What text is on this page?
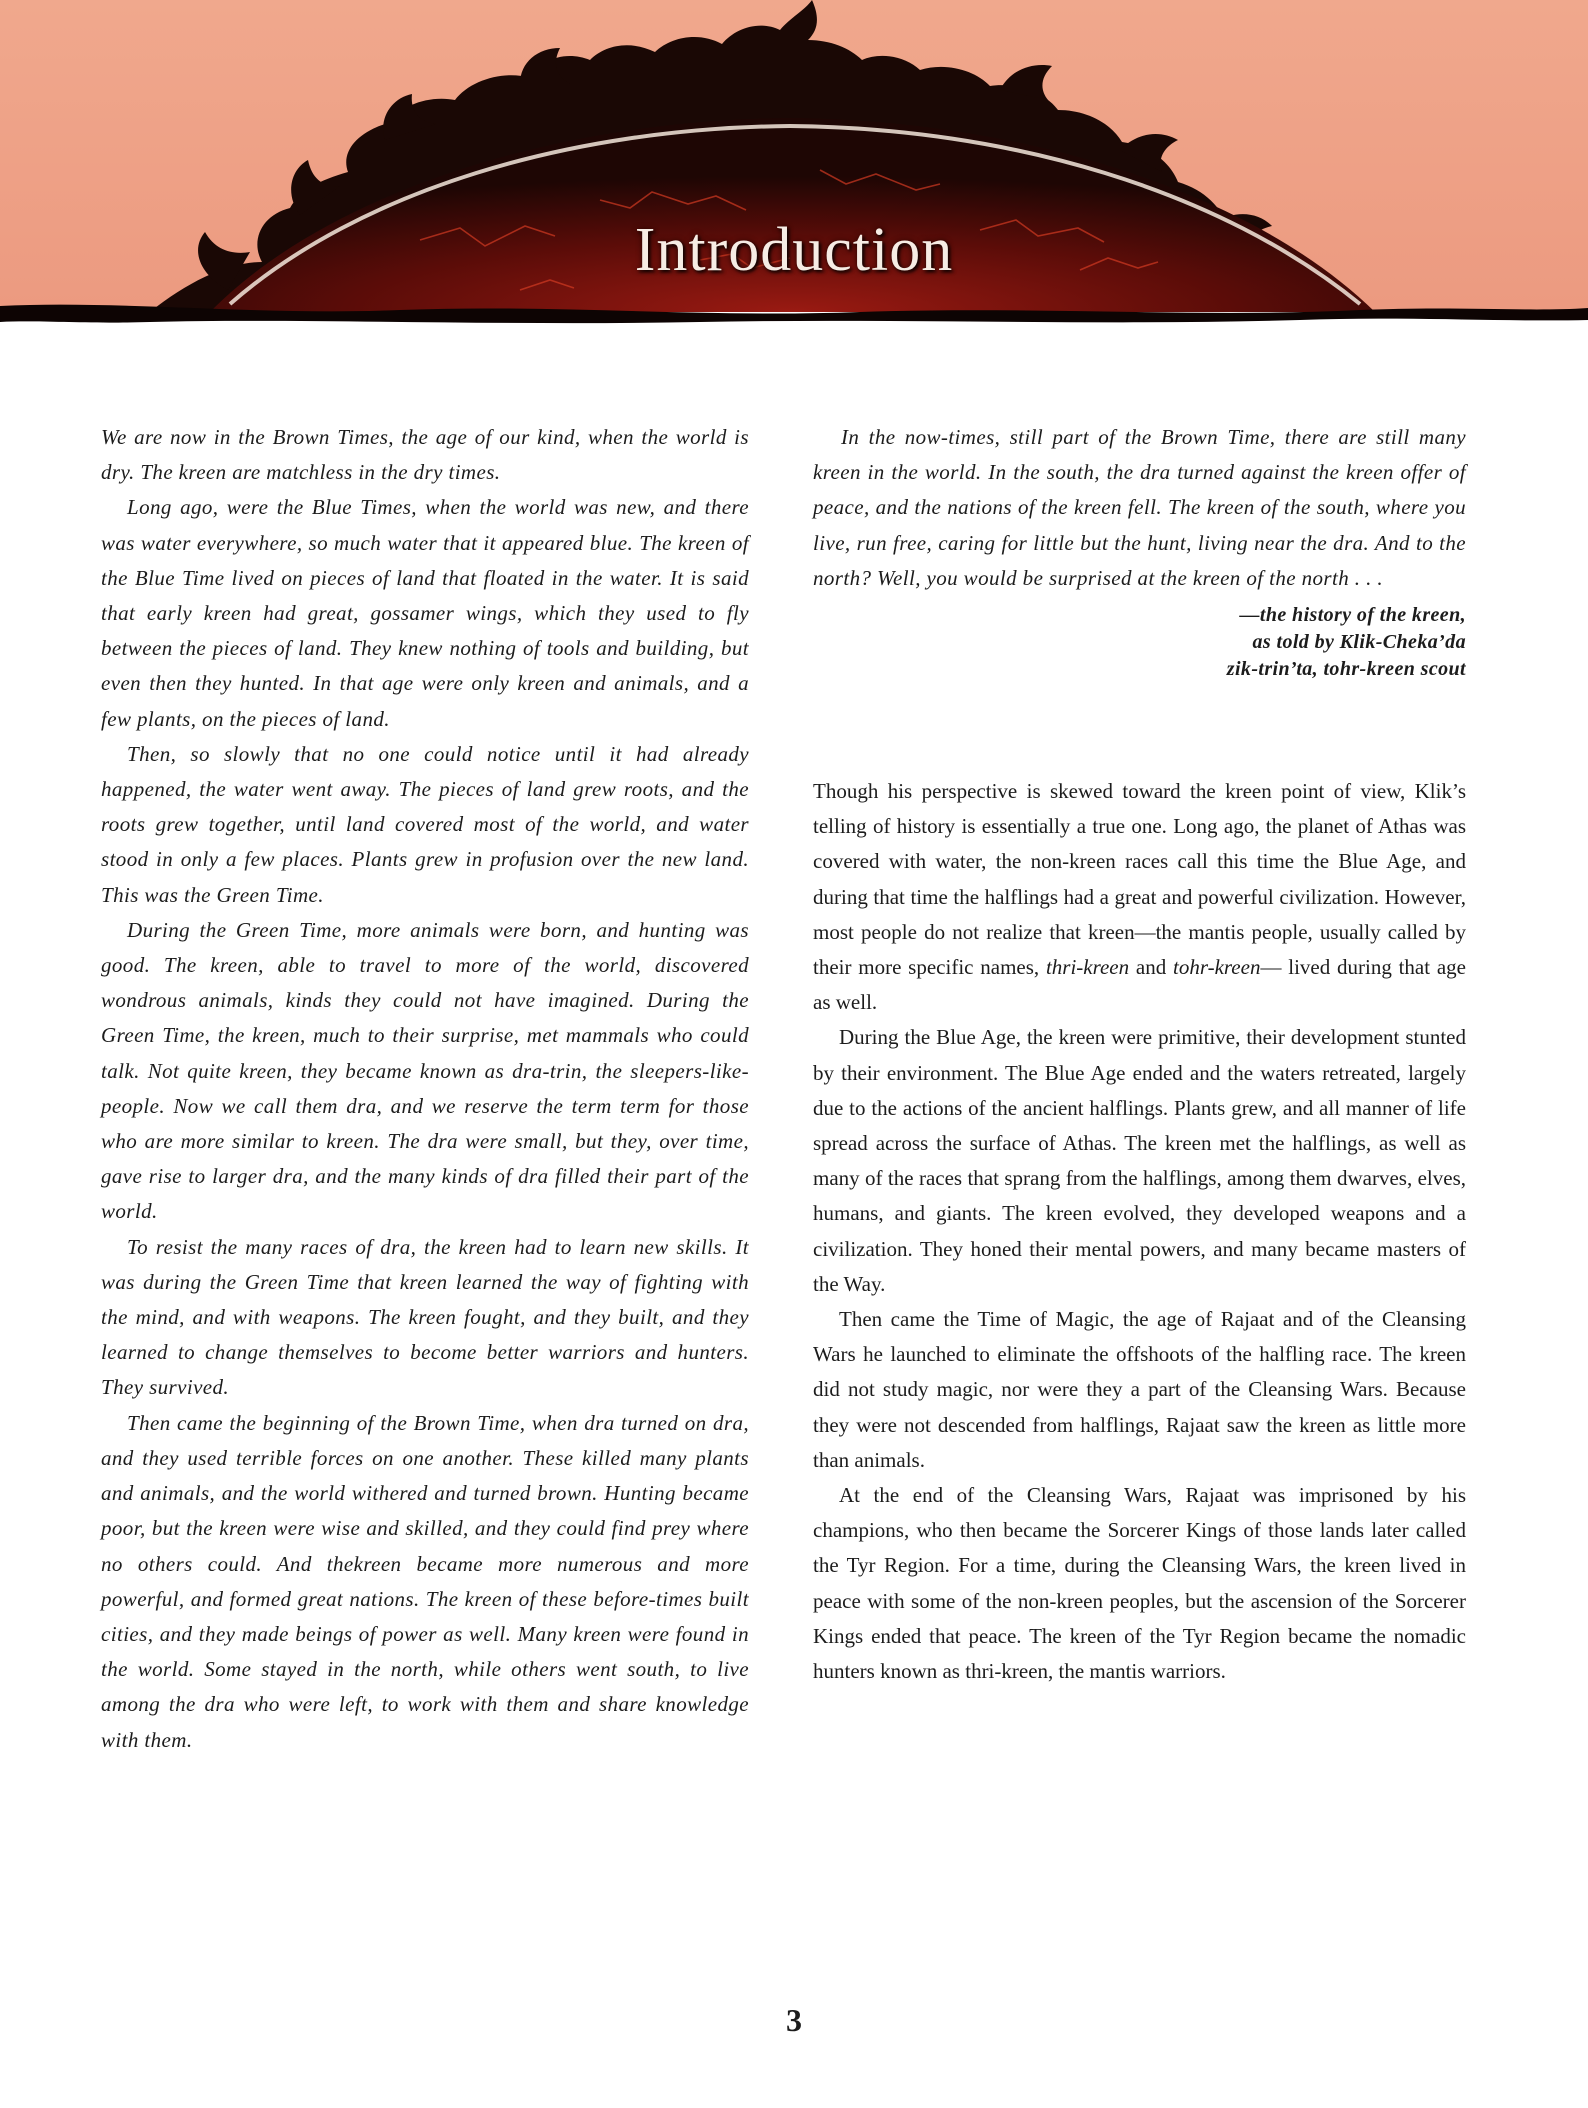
Introduction

We are now in the Brown Times, the age of our kind, when the world is dry. The kreen are matchless in the dry times.

Long ago, were the Blue Times, when the world was new, and there was water everywhere, so much water that it appeared blue. The kreen of the Blue Time lived on pieces of land that floated in the water. It is said that early kreen had great, gossamer wings, which they used to fly between the pieces of land. They knew nothing of tools and building, but even then they hunted. In that age were only kreen and animals, and a few plants, on the pieces of land.

Then, so slowly that no one could notice until it had already happened, the water went away. The pieces of land grew roots, and the roots grew together, until land covered most of the world, and water stood in only a few places. Plants grew in profusion over the new land. This was the Green Time.

During the Green Time, more animals were born, and hunting was good. The kreen, able to travel to more of the world, discovered wondrous animals, kinds they could not have imagined. During the Green Time, the kreen, much to their surprise, met mammals who could talk. Not quite kreen, they became known as dra-trin, the sleepers-like-people. Now we call them dra, and we reserve the term term for those who are more similar to kreen. The dra were small, but they, over time, gave rise to larger dra, and the many kinds of dra filled their part of the world.

To resist the many races of dra, the kreen had to learn new skills. It was during the Green Time that kreen learned the way of fighting with the mind, and with weapons. The kreen fought, and they built, and they learned to change themselves to become better warriors and hunters. They survived.

Then came the beginning of the Brown Time, when dra turned on dra, and they used terrible forces on one another. These killed many plants and animals, and the world withered and turned brown. Hunting became poor, but the kreen were wise and skilled, and they could find prey where no others could. And thekreen became more numerous and more powerful, and formed great nations. The kreen of these before-times built cities, and they made beings of power as well. Many kreen were found in the world. Some stayed in the north, while others went south, to live among the dra who were left, to work with them and share knowledge with them.

In the now-times, still part of the Brown Time, there are still many kreen in the world. In the south, the dra turned against the kreen offer of peace, and the nations of the kreen fell. The kreen of the south, where you live, run free, caring for little but the hunt, living near the dra. And to the north? Well, you would be surprised at the kreen of the north . . .

—the history of the kreen,
as told by Klik-Cheka’da
zik-trin’ta, tohr-kreen scout

Though his perspective is skewed toward the kreen point of view, Klik’s telling of history is essentially a true one. Long ago, the planet of Athas was covered with water, the non-kreen races call this time the Blue Age, and during that time the halflings had a great and powerful civilization. However, most people do not realize that kreen—the mantis people, usually called by their more specific names, thri-kreen and tohr-kreen— lived during that age as well.

During the Blue Age, the kreen were primitive, their development stunted by their environment. The Blue Age ended and the waters retreated, largely due to the actions of the ancient halflings. Plants grew, and all manner of life spread across the surface of Athas. The kreen met the halflings, as well as many of the races that sprang from the halflings, among them dwarves, elves, humans, and giants. The kreen evolved, they developed weapons and a civilization. They honed their mental powers, and many became masters of the Way.

Then came the Time of Magic, the age of Rajaat and of the Cleansing Wars he launched to eliminate the offshoots of the halfling race. The kreen did not study magic, nor were they a part of the Cleansing Wars. Because they were not descended from halflings, Rajaat saw the kreen as little more than animals.

At the end of the Cleansing Wars, Rajaat was imprisoned by his champions, who then became the Sorcerer Kings of those lands later called the Tyr Region. For a time, during the Cleansing Wars, the kreen lived in peace with some of the non-kreen peoples, but the ascension of the Sorcerer Kings ended that peace. The kreen of the Tyr Region became the nomadic hunters known as thri-kreen, the mantis warriors.

3
